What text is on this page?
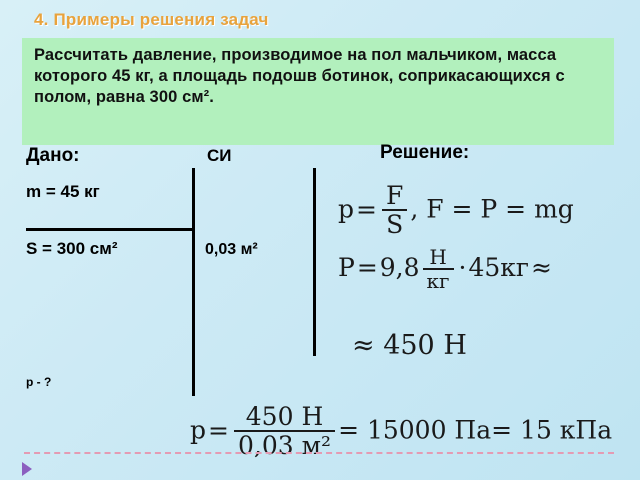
4. Примеры решения задач
Рассчитать давление, производимое на пол мальчиком, масса которого 45 кг, а площадь подошв ботинок, соприкасающихся с полом, равна 300 см².
Дано:	СИ
m = 45 кг
S = 300 см²	0,03 м²
p - ?
Решение:
$p= \frac{F}{S}$ , F = P = mg
$P=9,8 \frac{Н}{кг} \cdot 45кг\approx$
≈ 450 Н
$p= \frac{450 Н}{\text{0,03 м²}} = 15000$ Па= 15 кПа
